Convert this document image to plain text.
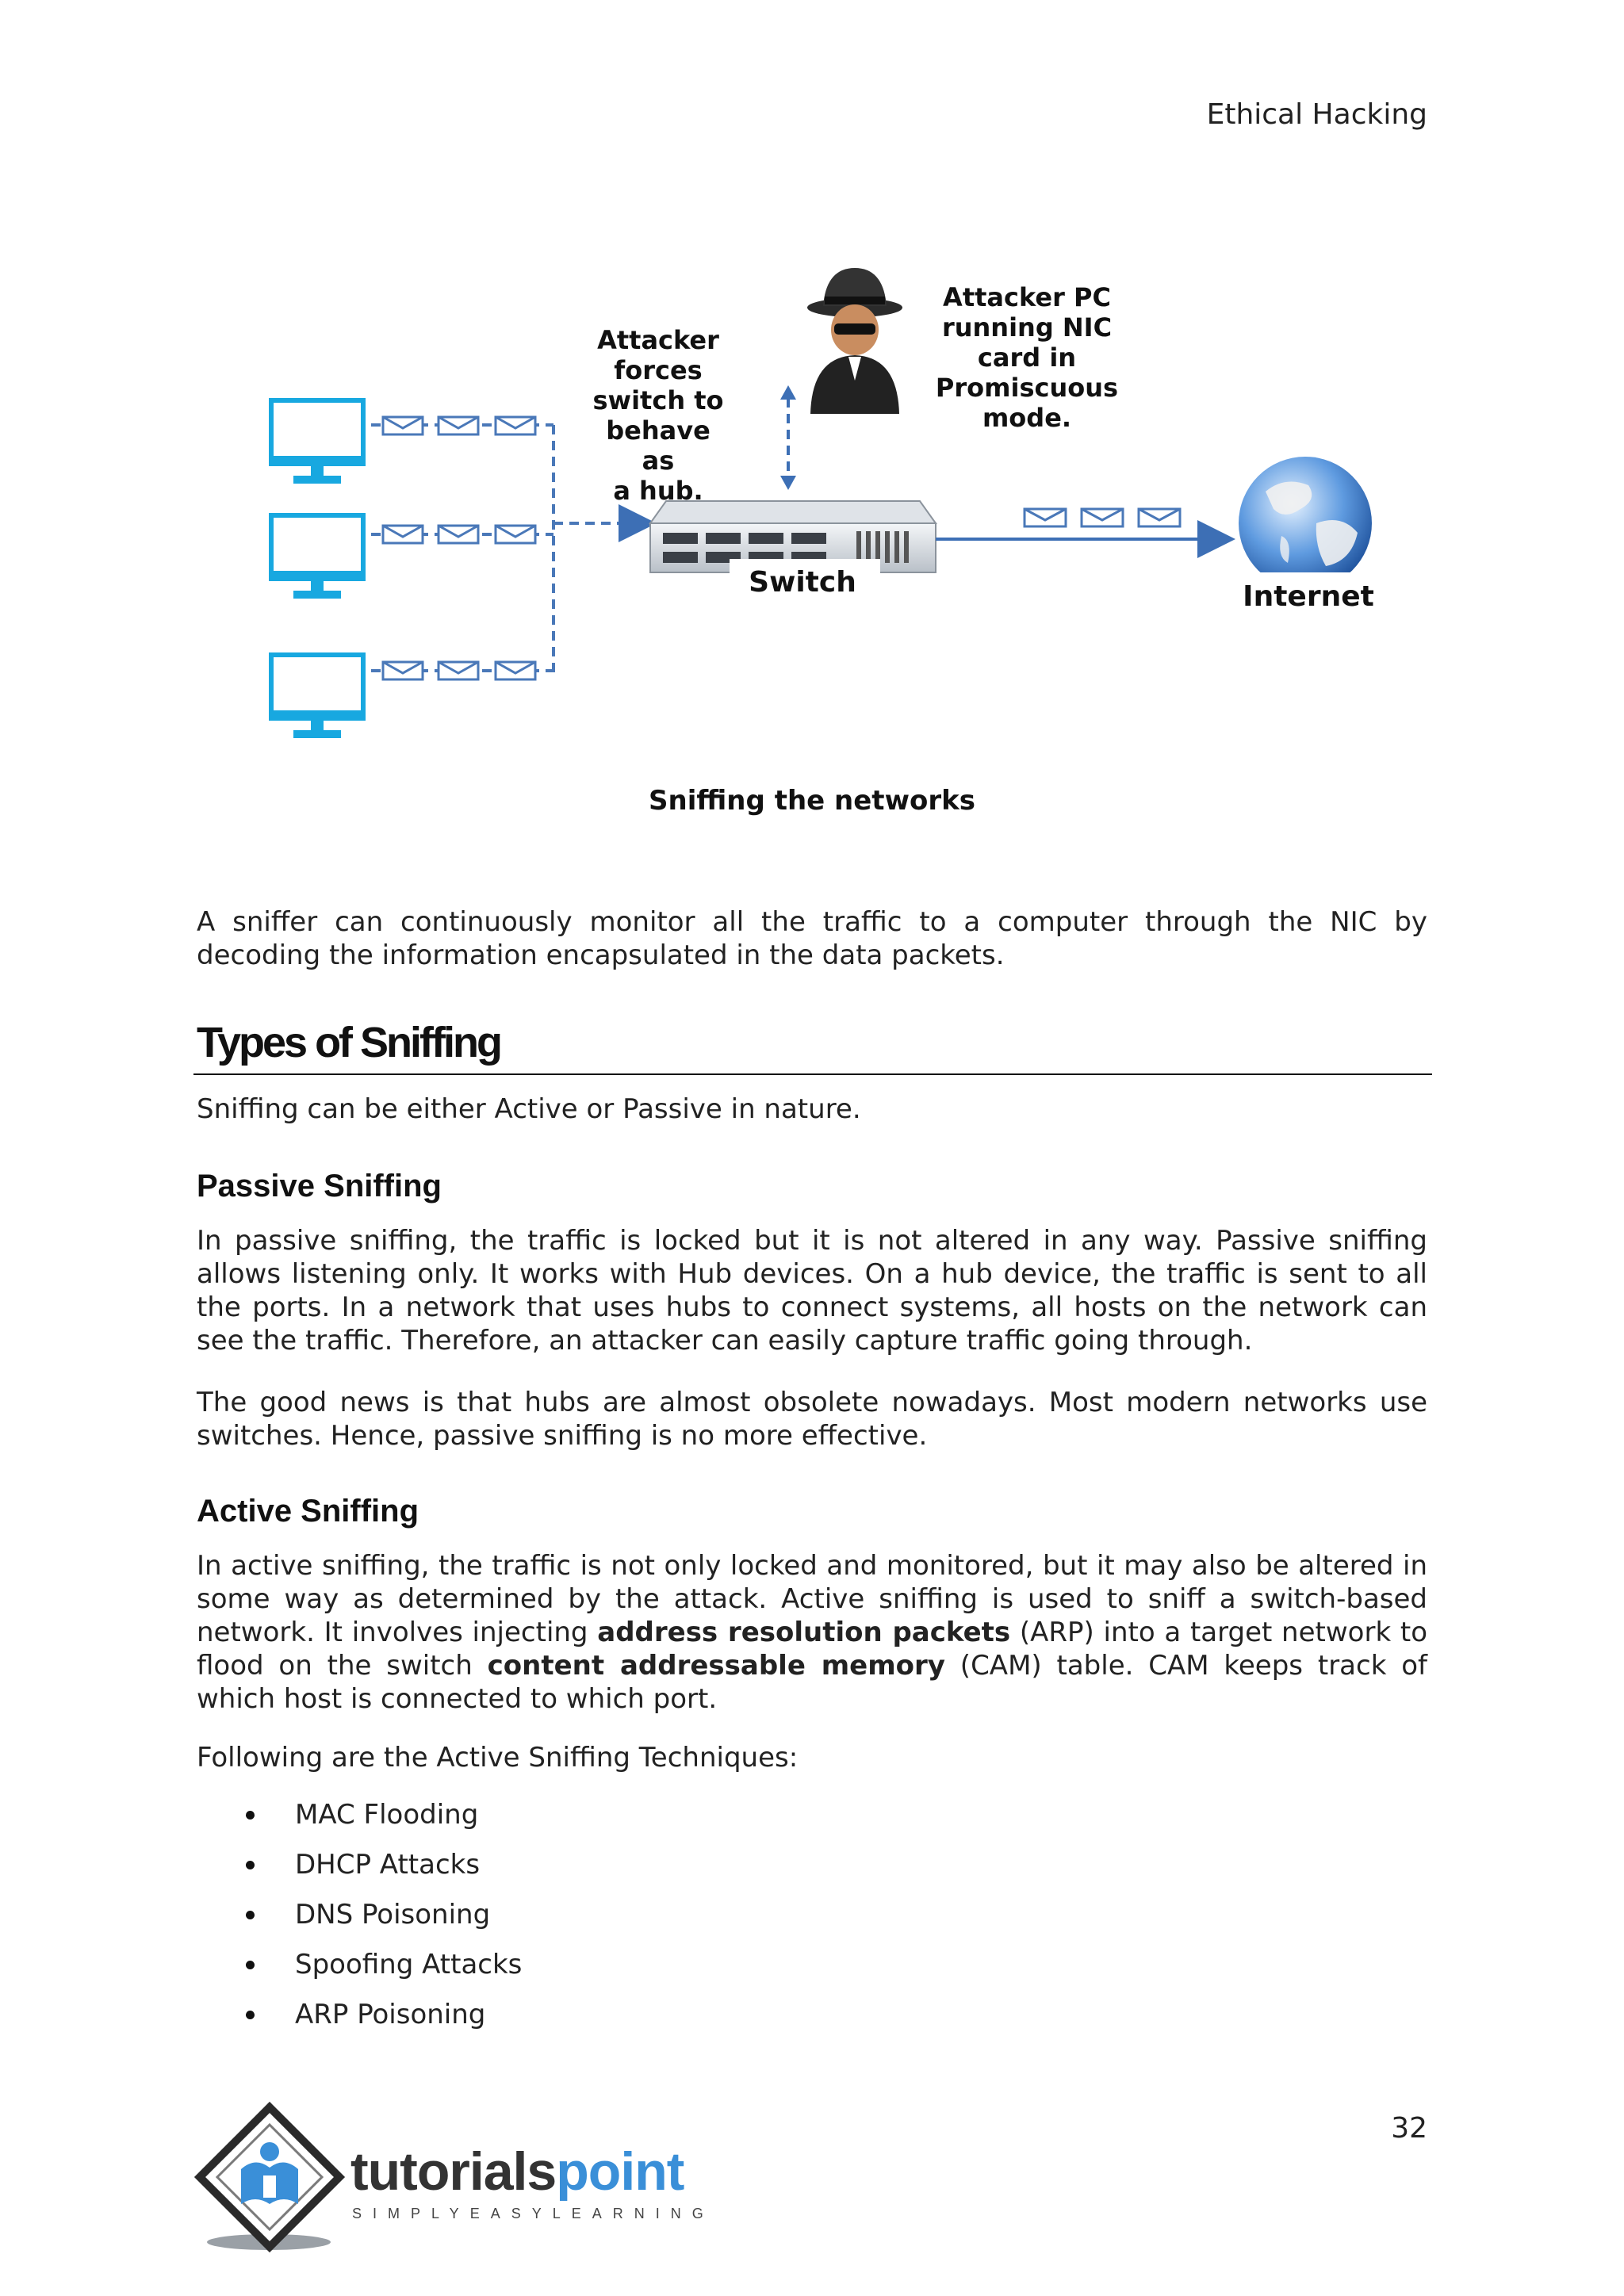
Ethical Hacking
Attacker
forces
switch to
behave as
a hub.
Attacker PC
running NIC
card in
Promiscuous
mode.
Switch	Internet
Sniffing the networks

A sniffer can continuously monitor all the traffic to a computer through the NIC by decoding the information encapsulated in the data packets.

Types of Sniffing

Sniffing can be either Active or Passive in nature.

Passive Sniffing

In passive sniffing, the traffic is locked but it is not altered in any way. Passive sniffing allows listening only. It works with Hub devices. On a hub device, the traffic is sent to all the ports. In a network that uses hubs to connect systems, all hosts on the network can see the traffic. Therefore, an attacker can easily capture traffic going through.

The good news is that hubs are almost obsolete nowadays. Most modern networks use switches. Hence, passive sniffing is no more effective.

Active Sniffing

In active sniffing, the traffic is not only locked and monitored, but it may also be altered in some way as determined by the attack. Active sniffing is used to sniff a switch-based network. It involves injecting address resolution packets (ARP) into a target network to flood on the switch content addressable memory (CAM) table. CAM keeps track of which host is connected to which port.

Following are the Active Sniffing Techniques:

MAC Flooding
DHCP Attacks
DNS Poisoning
Spoofing Attacks
ARP Poisoning
32
tutorialspoint
SIMPLYEASYLEARNING
